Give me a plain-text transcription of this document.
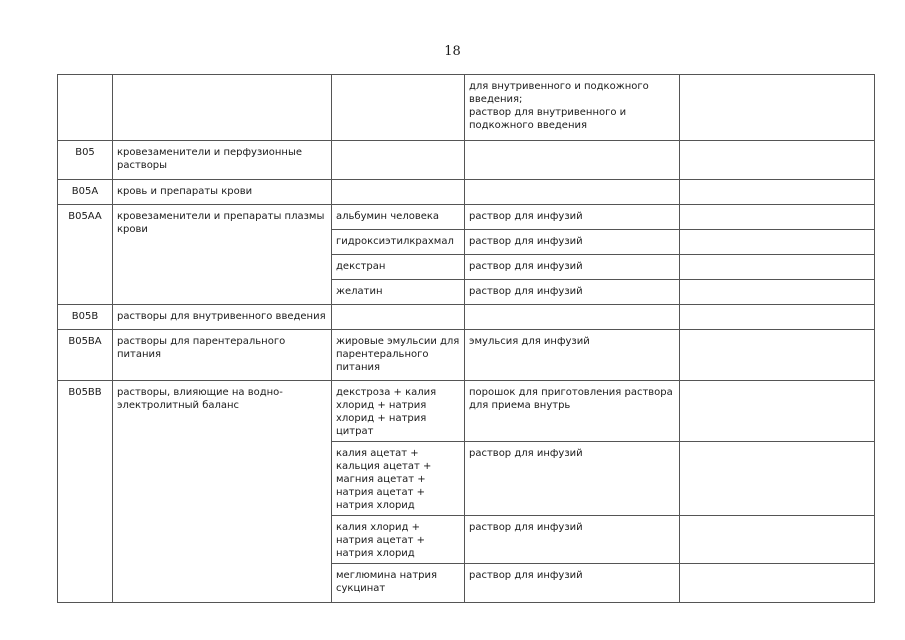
18
			для внутривенного и подкожного введения;
раствор для внутривенного и подкожного введения	
B05	кровезаменители и перфузионные растворы			
B05A	кровь и препараты крови			
B05AA	кровезаменители и препараты плазмы крови	альбумин человека	раствор для инфузий	
		гидроксиэтилкрахмал	раствор для инфузий	
		декстран	раствор для инфузий	
		желатин	раствор для инфузий	
B05B	растворы для внутривенного введения			
B05BA	растворы для парентерального питания	жировые эмульсии для парентерального питания	эмульсия для инфузий	
B05BB	растворы, влияющие на водно-электролитный баланс	декстроза + калия хлорид + натрия хлорид + натрия цитрат	порошок для приготовления раствора для приема внутрь	
		калия ацетат + кальция ацетат + магния ацетат + натрия ацетат + натрия хлорид	раствор для инфузий	
		калия хлорид + натрия ацетат + натрия хлорид	раствор для инфузий	
		меглюмина натрия сукцинат	раствор для инфузий	
